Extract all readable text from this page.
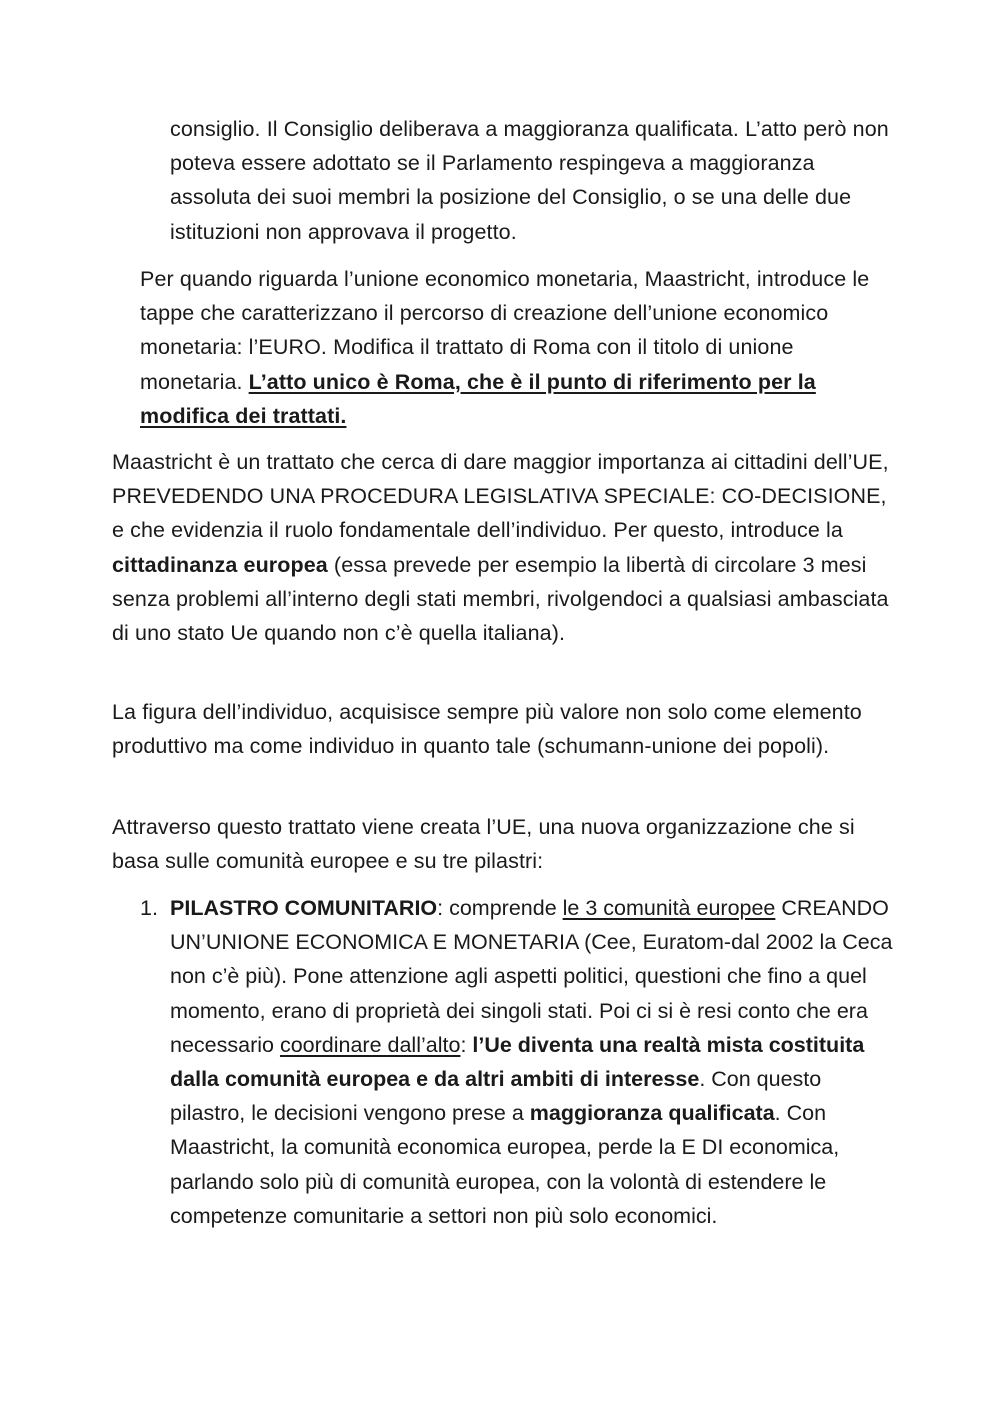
consiglio. Il Consiglio deliberava a maggioranza qualificata. L’atto però non poteva essere adottato se il Parlamento respingeva a maggioranza assoluta dei suoi membri la posizione del Consiglio, o se una delle due istituzioni non approvava il progetto.

Per quando riguarda l’unione economico monetaria, Maastricht, introduce le tappe che caratterizzano il percorso di creazione dell’unione economico monetaria: l’EURO. Modifica il trattato di Roma con il titolo di unione monetaria. L’atto unico è Roma, che è il punto di riferimento per la modifica dei trattati.

Maastricht è un trattato che cerca di dare maggior importanza ai cittadini dell’UE, PREVEDENDO UNA PROCEDURA LEGISLATIVA SPECIALE: CO-DECISIONE, e che evidenzia il ruolo fondamentale dell’individuo. Per questo, introduce la cittadinanza europea (essa prevede per esempio la libertà di circolare 3 mesi senza problemi all’interno degli stati membri, rivolgendoci a qualsiasi ambasciata di uno stato Ue quando non c’è quella italiana).

La figura dell’individuo, acquisisce sempre più valore non solo come elemento produttivo ma come individuo in quanto tale (schumann-unione dei popoli).

Attraverso questo trattato viene creata l’UE, una nuova organizzazione che si basa sulle comunità europee e su tre pilastri:

1. PILASTRO COMUNITARIO: comprende le 3 comunità europee CREANDO UN’UNIONE ECONOMICA E MONETARIA (Cee, Euratom-dal 2002 la Ceca non c’è più). Pone attenzione agli aspetti politici, questioni che fino a quel momento, erano di proprietà dei singoli stati. Poi ci si è resi conto che era necessario coordinare dall’alto: l’Ue diventa una realtà mista costituita dalla comunità europea e da altri ambiti di interesse. Con questo pilastro, le decisioni vengono prese a maggioranza qualificata. Con Maastricht, la comunità economica europea, perde la E DI economica, parlando solo più di comunità europea, con la volontà di estendere le competenze comunitarie a settori non più solo economici.
